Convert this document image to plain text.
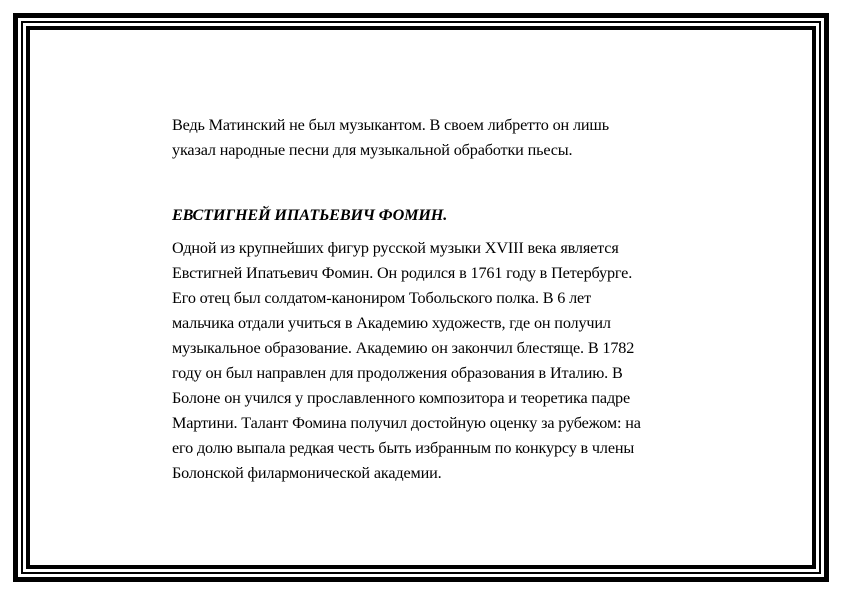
Ведь Матинский не был музыкантом. В своем либретто он лишь
указал народные песни для музыкальной обработки пьесы.
ЕВСТИГНЕЙ ИПАТЬЕВИЧ ФОМИН.
Одной из крупнейших фигур русской музыки XVIII века является
Евстигней Ипатьевич Фомин. Он родился в 1761 году в Петербурге.
Его отец был солдатом-канониром Тобольского полка. В 6 лет
мальчика отдали учиться в Академию художеств, где он получил
музыкальное образование. Академию он закончил блестяще. В 1782
году он был направлен для продолжения образования в Италию. В
Болоне он учился у прославленного композитора и теоретика падре
Мартини. Талант Фомина получил достойную оценку за рубежом: на
его долю выпала редкая честь быть избранным по конкурсу в члены
Болонской филармонической академии.
